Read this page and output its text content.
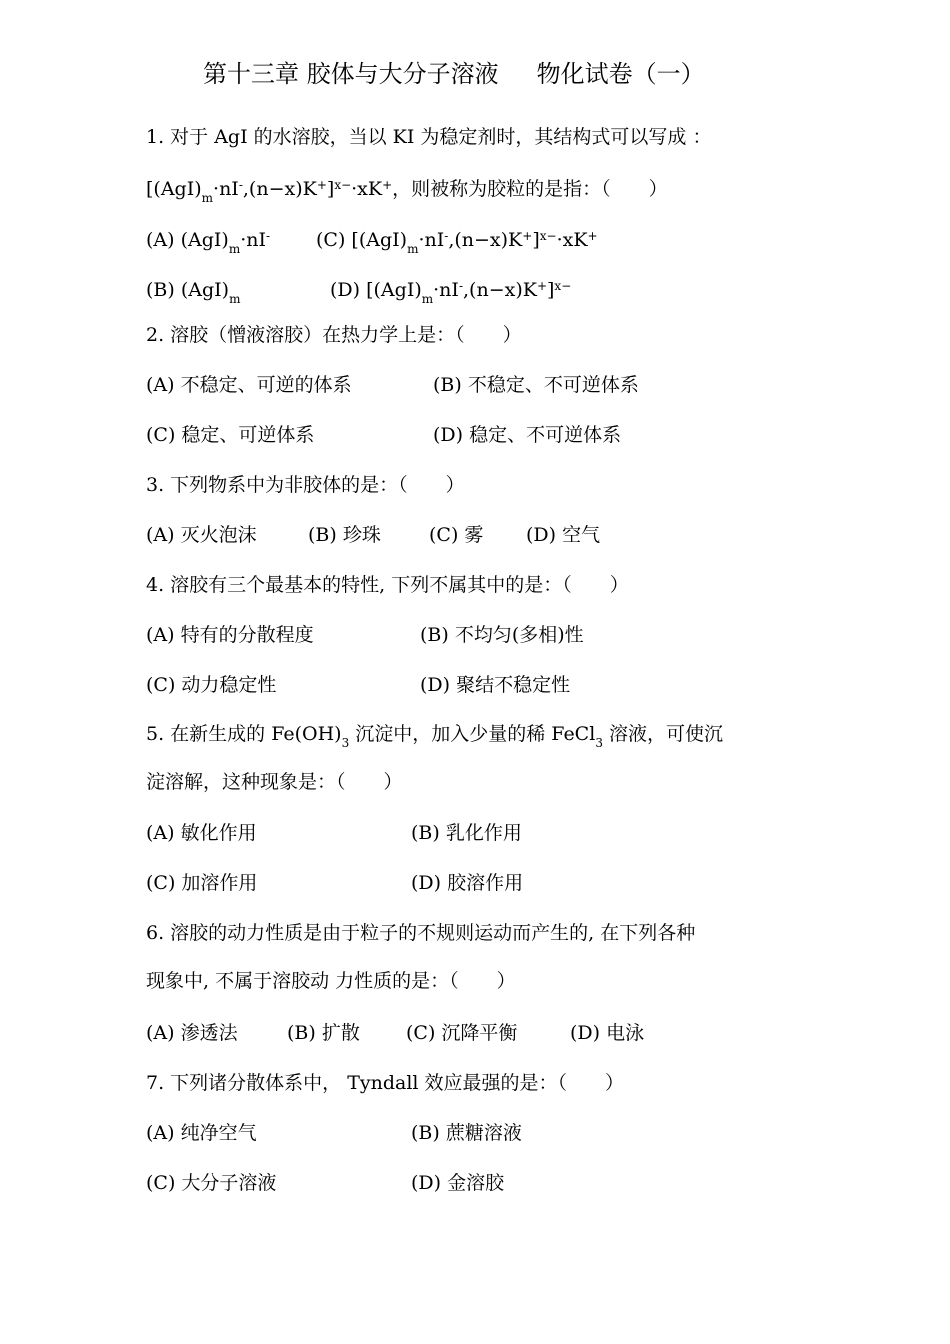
第十三章 胶体与大分子溶液 物化试卷（一）
1. 对于 AgI 的水溶胶，当以 KI 为稳定剂时，其结构式可以写成 ：
$[(AgI)_m\cdot nI^-,(n-x)K^+]^{x-}\cdot xK^+$，则被称为胶粒的是指：（　　）
(A) $(AgI)_m\cdot nI^-$ (C) $[(AgI)_m\cdot nI^-,(n-x)K^+]^{x-}\cdot xK^+$
(B) $(AgI)_m$	(D) $[(AgI)_m\cdot nI^-,(n-x)K^+]^{x-}$
2. 溶胶（憎液溶胶）在热力学上是：（　　）
(A) 不稳定、可逆的体系	(B) 不稳定、不可逆体系
(C) 稳定、可逆体系	(D) 稳定、不可逆体系
3. 下列物系中为非胶体的是：（　　）
(A) 灭火泡沫	(B) 珍珠	(C) 雾 (D) 空气
4. 溶胶有三个最基本的特性, 下列不属其中的是：（　　）
(A) 特有的分散程度	(B) 不均匀(多相)性
(C) 动力稳定性	(D) 聚结不稳定性
5. 在新生成的 $Fe(OH)_3$ 沉淀中，加入少量的稀 FeCl$_3$ 溶液，可使沉
淀溶解，这种现象是：（　　）
(A) 敏化作用	(B) 乳化作用
(C) 加溶作用	(D) 胶溶作用
6. 溶胶的动力性质是由于粒子的不规则运动而产生的, 在下列各种
现象中, 不属于溶胶动 力性质的是：（　　）
(A) 渗透法	(B) 扩散 (C) 沉降平衡	(D) 电泳
7. 下列诸分散体系中， Tyndall 效应最强的是：（　　）
(A) 纯净空气	(B) 蔗糖溶液
(C) 大分子溶液	(D) 金溶胶
